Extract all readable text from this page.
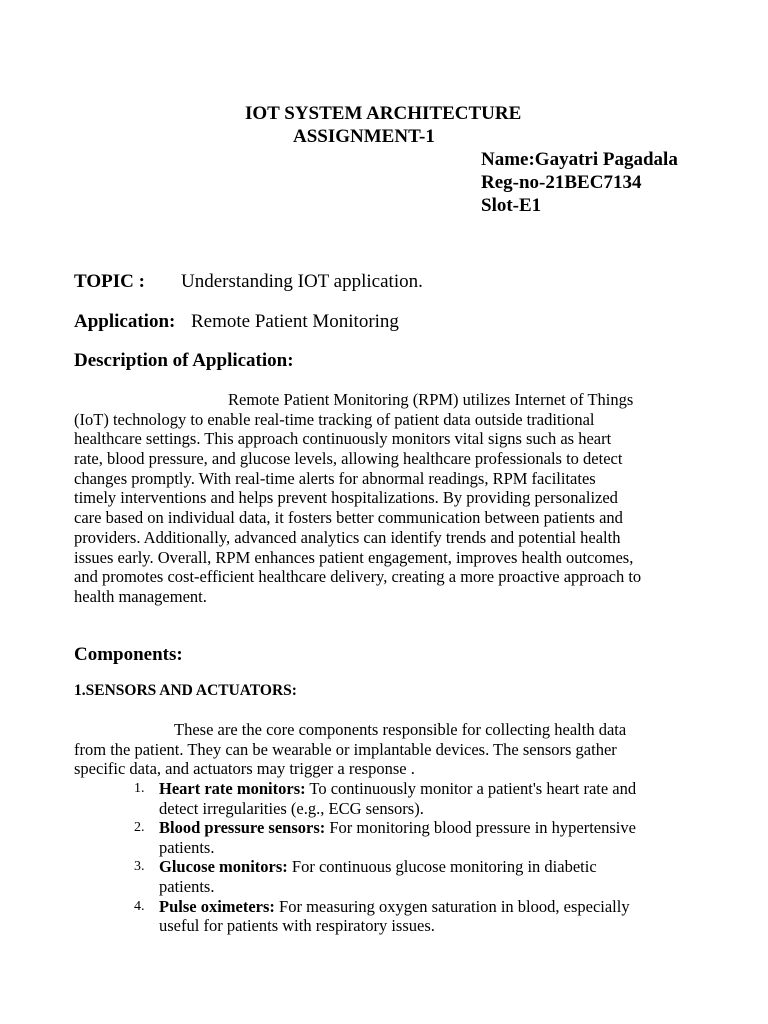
IOT SYSTEM ARCHITECTURE
ASSIGNMENT-1
Name:Gayatri Pagadala
Reg-no-21BEC7134
Slot-E1
TOPIC : Understanding IOT application.
Application: Remote Patient Monitoring
Description of Application:
Remote Patient Monitoring (RPM) utilizes Internet of Things
(IoT) technology to enable real-time tracking of patient data outside traditional
healthcare settings. This approach continuously monitors vital signs such as heart
rate, blood pressure, and glucose levels, allowing healthcare professionals to detect
changes promptly. With real-time alerts for abnormal readings, RPM facilitates
timely interventions and helps prevent hospitalizations. By providing personalized
care based on individual data, it fosters better communication between patients and
providers. Additionally, advanced analytics can identify trends and potential health
issues early. Overall, RPM enhances patient engagement, improves health outcomes,
and promotes cost-efficient healthcare delivery, creating a more proactive approach to
health management.
Components:
1.SENSORS AND ACTUATORS:
These are the core components responsible for collecting health data
from the patient. They can be wearable or implantable devices. The sensors gather
specific data, and actuators may trigger a response .
1. Heart rate monitors: To continuously monitor a patient's heart rate and
detect irregularities (e.g., ECG sensors).
2. Blood pressure sensors: For monitoring blood pressure in hypertensive
patients.
3. Glucose monitors: For continuous glucose monitoring in diabetic
patients.
4. Pulse oximeters: For measuring oxygen saturation in blood, especially
useful for patients with respiratory issues.
